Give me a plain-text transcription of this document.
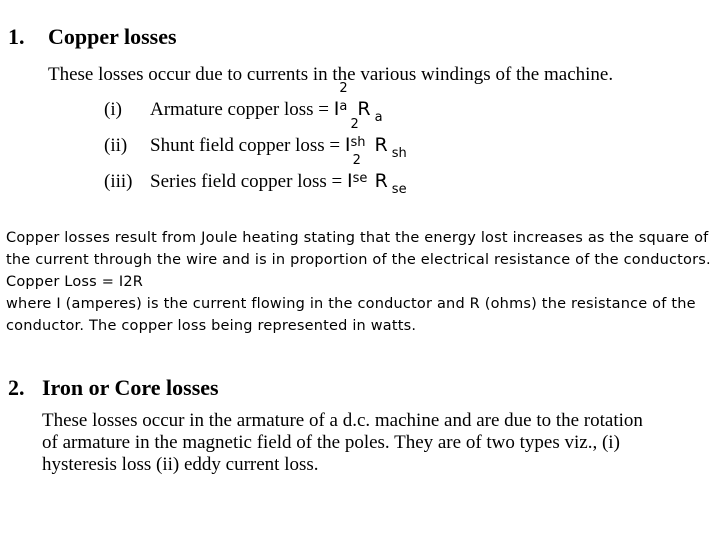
1. Copper losses
These losses occur due to currents in the various windings of the machine.
(i) Armature copper loss = I
2
a R a
(ii) Shunt field copper loss = I
2
sh R sh
(iii) Series field copper loss = I
2
se R se
Copper losses result from Joule heating stating that the energy lost increases as the square of
the current through the wire and is in proportion of the electrical resistance of the conductors.
Copper Loss = I2R
where I (amperes) is the current flowing in the conductor and R (ohms) the resistance of the
conductor. The copper loss being represented in watts.
2. Iron or Core losses
These losses occur in the armature of a d.c. machine and are due to the rotation
of armature in the magnetic field of the poles. They are of two types viz., (i)
hysteresis loss (ii) eddy current loss.
